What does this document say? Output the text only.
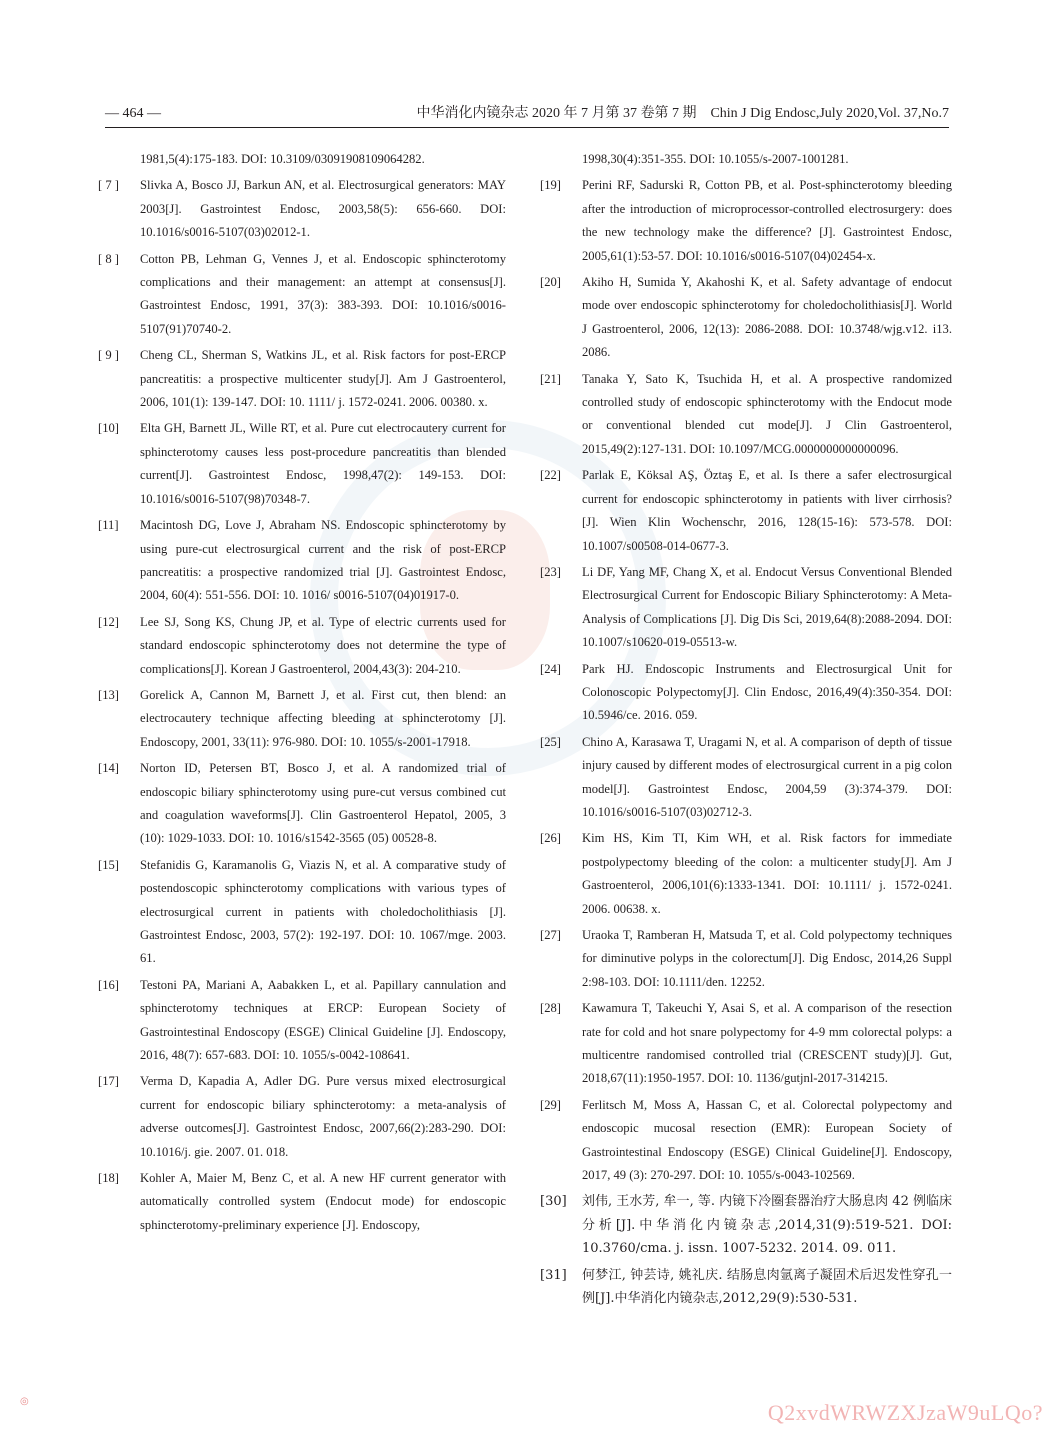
— 464 —	中华消化内镜杂志 2020 年 7 月第 37 卷第 7 期　Chin J Dig Endosc,July 2020,Vol. 37,No.7
1981,5(4):175-183. DOI: 10.3109/03091908109064282.
[ 7 ] Slivka A, Bosco JJ, Barkun AN, et al. Electrosurgical generators: MAY 2003[J]. Gastrointest Endosc, 2003,58(5): 656-660. DOI: 10.1016/s0016-5107(03)02012-1.
[ 8 ] Cotton PB, Lehman G, Vennes J, et al. Endoscopic sphincterotomy complications and their management: an attempt at consensus[J]. Gastrointest Endosc, 1991, 37(3): 383-393. DOI: 10.1016/s0016-5107(91)70740-2.
[ 9 ] Cheng CL, Sherman S, Watkins JL, et al. Risk factors for post-ERCP pancreatitis: a prospective multicenter study[J]. Am J Gastroenterol, 2006, 101(1): 139-147. DOI: 10. 1111/ j. 1572-0241. 2006. 00380. x.
[10] Elta GH, Barnett JL, Wille RT, et al. Pure cut electrocautery current for sphincterotomy causes less post-procedure pancreatitis than blended current[J]. Gastrointest Endosc, 1998,47(2): 149-153. DOI: 10.1016/s0016-5107(98)70348-7.
[11] Macintosh DG, Love J, Abraham NS. Endoscopic sphincterotomy by using pure-cut electrosurgical current and the risk of post-ERCP pancreatitis: a prospective randomized trial [J]. Gastrointest Endosc, 2004, 60(4): 551-556. DOI: 10. 1016/ s0016-5107(04)01917-0.
[12] Lee SJ, Song KS, Chung JP, et al. Type of electric currents used for standard endoscopic sphincterotomy does not determine the type of complications[J]. Korean J Gastroenterol, 2004,43(3): 204-210.
[13] Gorelick A, Cannon M, Barnett J, et al. First cut, then blend: an electrocautery technique affecting bleeding at sphincterotomy [J]. Endoscopy, 2001, 33(11): 976-980. DOI: 10. 1055/s-2001-17918.
[14] Norton ID, Petersen BT, Bosco J, et al. A randomized trial of endoscopic biliary sphincterotomy using pure-cut versus combined cut and coagulation waveforms[J]. Clin Gastroenterol Hepatol, 2005, 3 (10): 1029-1033. DOI: 10. 1016/s1542-3565 (05) 00528-8.
[15] Stefanidis G, Karamanolis G, Viazis N, et al. A comparative study of postendoscopic sphincterotomy complications with various types of electrosurgical current in patients with choledocholithiasis [J]. Gastrointest Endosc, 2003, 57(2): 192-197. DOI: 10. 1067/mge. 2003. 61.
[16] Testoni PA, Mariani A, Aabakken L, et al. Papillary cannulation and sphincterotomy techniques at ERCP: European Society of Gastrointestinal Endoscopy (ESGE) Clinical Guideline [J]. Endoscopy, 2016, 48(7): 657-683. DOI: 10. 1055/s-0042-108641.
[17] Verma D, Kapadia A, Adler DG. Pure versus mixed electrosurgical current for endoscopic biliary sphincterotomy: a meta-analysis of adverse outcomes[J]. Gastrointest Endosc, 2007,66(2):283-290. DOI: 10.1016/j. gie. 2007. 01. 018.
[18] Kohler A, Maier M, Benz C, et al. A new HF current generator with automatically controlled system (Endocut mode) for endoscopic sphincterotomy-preliminary experience [J]. Endoscopy,
1998,30(4):351-355. DOI: 10.1055/s-2007-1001281.
[19] Perini RF, Sadurski R, Cotton PB, et al. Post-sphincterotomy bleeding after the introduction of microprocessor-controlled electrosurgery: does the new technology make the difference? [J]. Gastrointest Endosc, 2005,61(1):53-57. DOI: 10.1016/s0016-5107(04)02454-x.
[20] Akiho H, Sumida Y, Akahoshi K, et al. Safety advantage of endocut mode over endoscopic sphincterotomy for choledocholithiasis[J]. World J Gastroenterol, 2006, 12(13): 2086-2088. DOI: 10.3748/wjg.v12. i13. 2086.
[21] Tanaka Y, Sato K, Tsuchida H, et al. A prospective randomized controlled study of endoscopic sphincterotomy with the Endocut mode or conventional blended cut mode[J]. J Clin Gastroenterol, 2015,49(2):127-131. DOI: 10.1097/MCG.0000000000000096.
[22] Parlak E, Köksal AŞ, Öztaş E, et al. Is there a safer electrosurgical current for endoscopic sphincterotomy in patients with liver cirrhosis? [J]. Wien Klin Wochenschr, 2016, 128(15-16): 573-578. DOI: 10.1007/s00508-014-0677-3.
[23] Li DF, Yang MF, Chang X, et al. Endocut Versus Conventional Blended Electrosurgical Current for Endoscopic Biliary Sphincterotomy: A Meta-Analysis of Complications [J]. Dig Dis Sci, 2019,64(8):2088-2094. DOI: 10.1007/s10620-019-05513-w.
[24] Park HJ. Endoscopic Instruments and Electrosurgical Unit for Colonoscopic Polypectomy[J]. Clin Endosc, 2016,49(4):350-354. DOI: 10.5946/ce. 2016. 059.
[25] Chino A, Karasawa T, Uragami N, et al. A comparison of depth of tissue injury caused by different modes of electrosurgical current in a pig colon model[J]. Gastrointest Endosc, 2004,59 (3):374-379. DOI: 10.1016/s0016-5107(03)02712-3.
[26] Kim HS, Kim TI, Kim WH, et al. Risk factors for immediate postpolypectomy bleeding of the colon: a multicenter study[J]. Am J Gastroenterol, 2006,101(6):1333-1341. DOI: 10.1111/ j. 1572-0241. 2006. 00638. x.
[27] Uraoka T, Ramberan H, Matsuda T, et al. Cold polypectomy techniques for diminutive polyps in the colorectum[J]. Dig Endosc, 2014,26 Suppl 2:98-103. DOI: 10.1111/den. 12252.
[28] Kawamura T, Takeuchi Y, Asai S, et al. A comparison of the resection rate for cold and hot snare polypectomy for 4-9 mm colorectal polyps: a multicentre randomised controlled trial (CRESCENT study)[J]. Gut, 2018,67(11):1950-1957. DOI: 10. 1136/gutjnl-2017-314215.
[29] Ferlitsch M, Moss A, Hassan C, et al. Colorectal polypectomy and endoscopic mucosal resection (EMR): European Society of Gastrointestinal Endoscopy (ESGE) Clinical Guideline[J]. Endoscopy, 2017, 49 (3): 270-297. DOI: 10. 1055/s-0043-102569.
[30] 刘伟, 王水芳, 牟一, 等. 内镜下冷圈套器治疗大肠息肉 42 例临床分析[J].中华消化内镜杂志,2014,31(9):519-521. DOI: 10.3760/cma. j. issn. 1007-5232. 2014. 09. 011.
[31] 何梦江, 钟芸诗, 姚礼庆. 结肠息肉氩离子凝固术后迟发性穿孔一例[J].中华消化内镜杂志,2012,29(9):530-531.
◎	Q2xvdWRWZXJzaW9uLQo?
